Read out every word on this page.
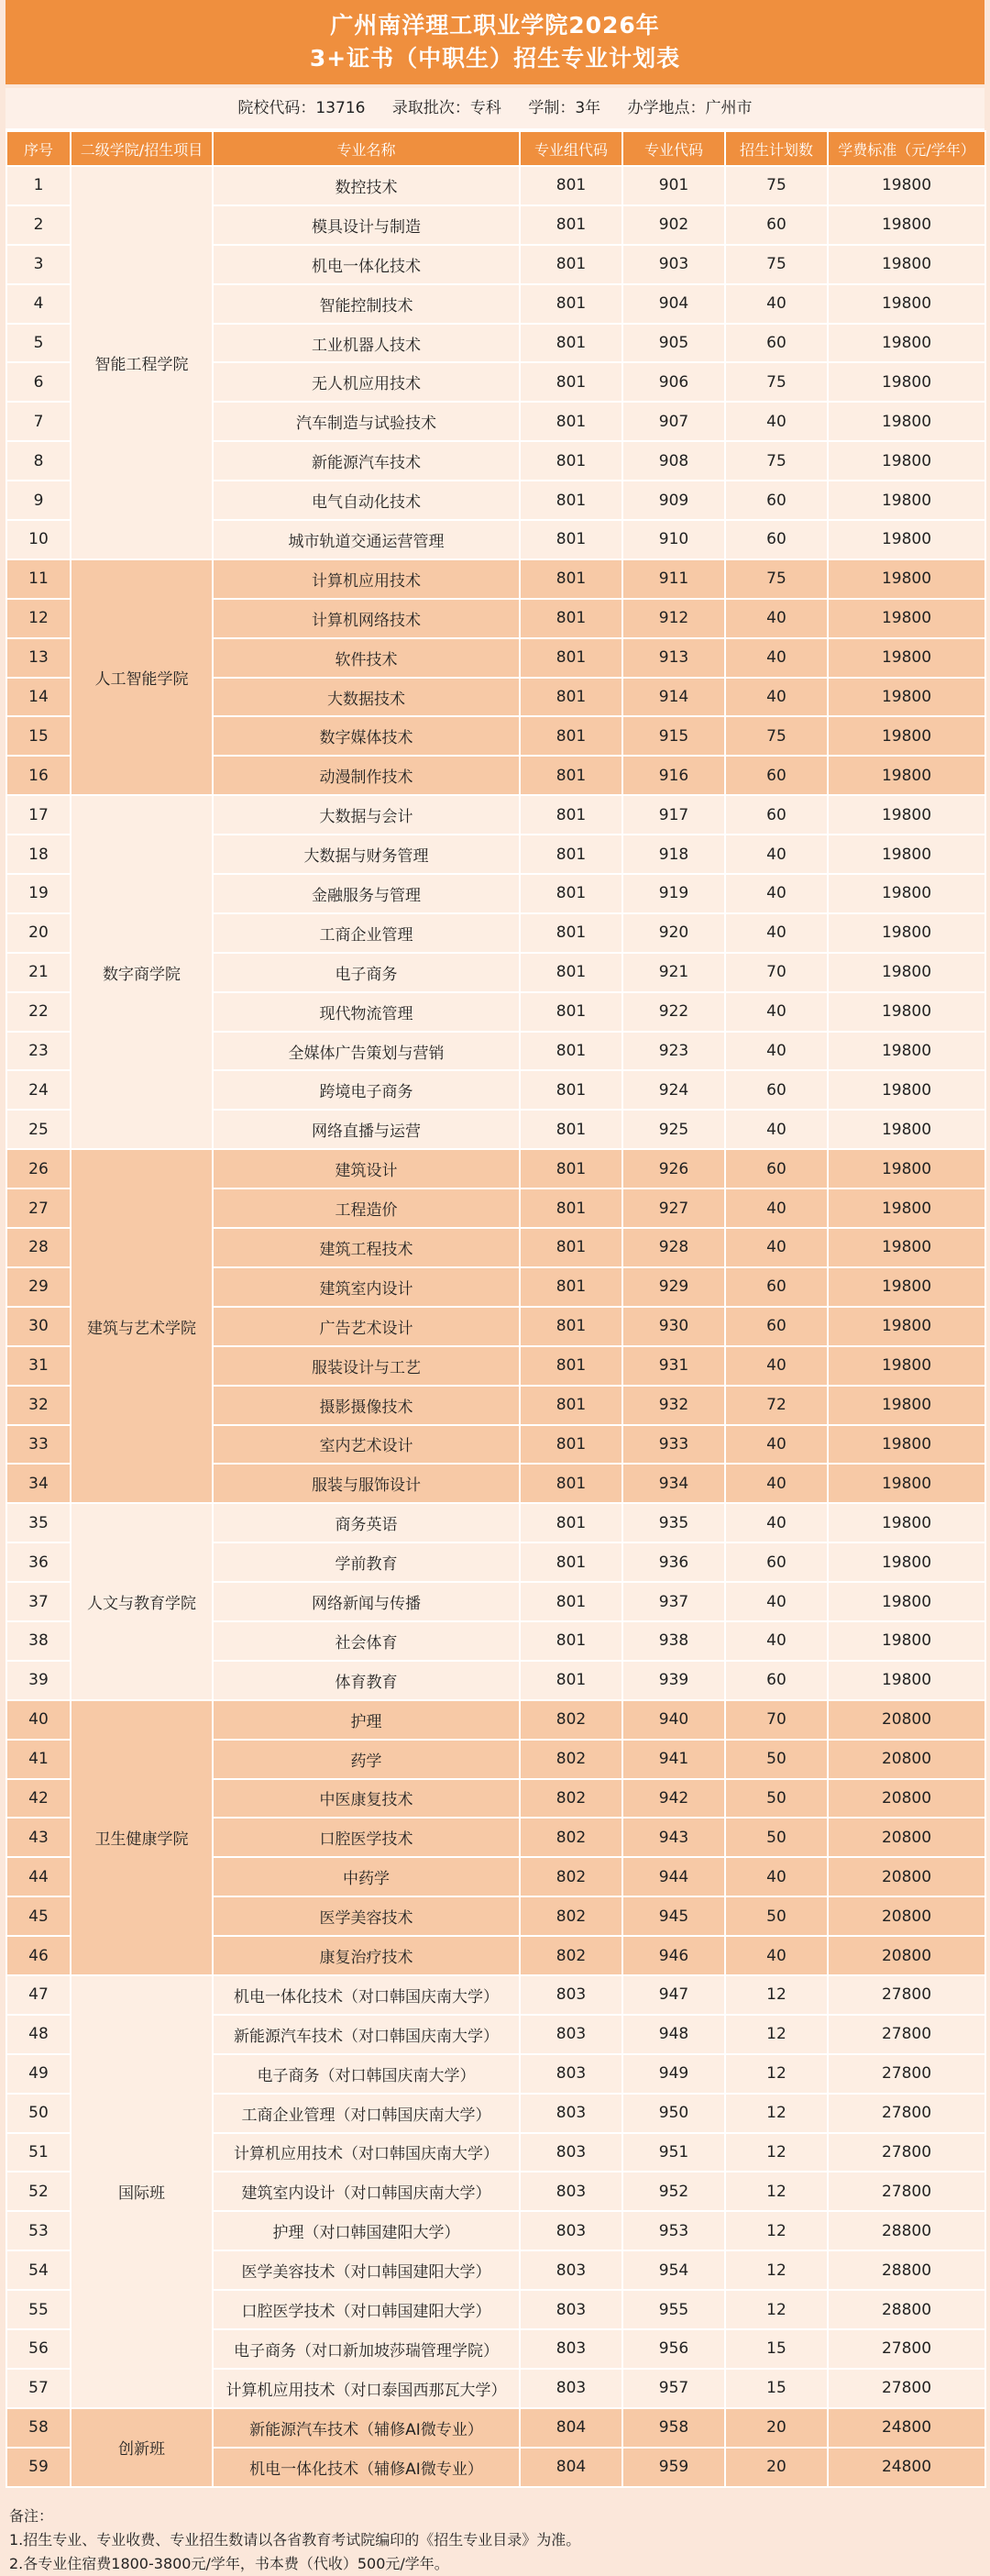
广州南洋理工职业学院2026年
3+证书（中职生）招生专业计划表
院校代码：13716 录取批次：专科 学制：3年 办学地点：广州市
序号	二级学院/招生项目	专业名称	专业组代码	专业代码	招生计划数	学费标准（元/学年）
1	智能工程学院	数控技术	801	901	75	19800
2		模具设计与制造	801	902	60	19800
3		机电一体化技术	801	903	75	19800
4		智能控制技术	801	904	40	19800
5		工业机器人技术	801	905	60	19800
6		无人机应用技术	801	906	75	19800
7		汽车制造与试验技术	801	907	40	19800
8		新能源汽车技术	801	908	75	19800
9		电气自动化技术	801	909	60	19800
10		城市轨道交通运营管理	801	910	60	19800
11	人工智能学院	计算机应用技术	801	911	75	19800
12		计算机网络技术	801	912	40	19800
13		软件技术	801	913	40	19800
14		大数据技术	801	914	40	19800
15		数字媒体技术	801	915	75	19800
16		动漫制作技术	801	916	60	19800
17	数字商学院	大数据与会计	801	917	60	19800
18		大数据与财务管理	801	918	40	19800
19		金融服务与管理	801	919	40	19800
20		工商企业管理	801	920	40	19800
21		电子商务	801	921	70	19800
22		现代物流管理	801	922	40	19800
23		全媒体广告策划与营销	801	923	40	19800
24		跨境电子商务	801	924	60	19800
25		网络直播与运营	801	925	40	19800
26	建筑与艺术学院	建筑设计	801	926	60	19800
27		工程造价	801	927	40	19800
28		建筑工程技术	801	928	40	19800
29		建筑室内设计	801	929	60	19800
30		广告艺术设计	801	930	60	19800
31		服装设计与工艺	801	931	40	19800
32		摄影摄像技术	801	932	72	19800
33		室内艺术设计	801	933	40	19800
34		服装与服饰设计	801	934	40	19800
35	人文与教育学院	商务英语	801	935	40	19800
36		学前教育	801	936	60	19800
37		网络新闻与传播	801	937	40	19800
38		社会体育	801	938	40	19800
39		体育教育	801	939	60	19800
40	卫生健康学院	护理	802	940	70	20800
41		药学	802	941	50	20800
42		中医康复技术	802	942	50	20800
43		口腔医学技术	802	943	50	20800
44		中药学	802	944	40	20800
45		医学美容技术	802	945	50	20800
46		康复治疗技术	802	946	40	20800
47	国际班	机电一体化技术（对口韩国庆南大学）	803	947	12	27800
48		新能源汽车技术（对口韩国庆南大学）	803	948	12	27800
49		电子商务（对口韩国庆南大学）	803	949	12	27800
50		工商企业管理（对口韩国庆南大学）	803	950	12	27800
51		计算机应用技术（对口韩国庆南大学）	803	951	12	27800
52		建筑室内设计（对口韩国庆南大学）	803	952	12	27800
53		护理（对口韩国建阳大学）	803	953	12	28800
54		医学美容技术（对口韩国建阳大学）	803	954	12	28800
55		口腔医学技术（对口韩国建阳大学）	803	955	12	28800
56		电子商务（对口新加坡莎瑞管理学院）	803	956	15	27800
57		计算机应用技术（对口泰国西那瓦大学）	803	957	15	27800
58	创新班	新能源汽车技术（辅修AI微专业）	804	958	20	24800
59		机电一体化技术（辅修AI微专业）	804	959	20	24800
备注：
1.招生专业、专业收费、专业招生数请以各省教育考试院编印的《招生专业目录》为准。
2.各专业住宿费1800-3800元/学年，书本费（代收）500元/学年。
